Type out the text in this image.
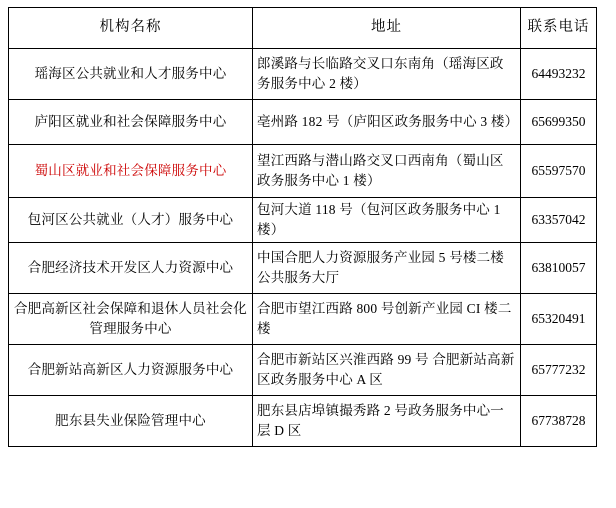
机构名称	地址	联系电话
瑶海区公共就业和人才服务中心	郎溪路与长临路交叉口东南角（瑶海区政务服务中心 2 楼）	64493232
庐阳区就业和社会保障服务中心	亳州路 182 号（庐阳区政务服务中心 3 楼）	65699350
蜀山区就业和社会保障服务中心	望江西路与潜山路交叉口西南角（蜀山区政务服务中心 1 楼）	65597570
包河区公共就业（人才）服务中心	包河大道 118 号（包河区政务服务中心 1 楼）	63357042
合肥经济技术开发区人力资源中心	中国合肥人力资源服务产业园 5 号楼二楼公共服务大厅	63810057
合肥高新区社会保障和退休人员社会化管理服务中心	合肥市望江西路 800 号创新产业园 CI 楼二楼	65320491
合肥新站高新区人力资源服务中心	合肥市新站区兴淮西路 99 号 合肥新站高新区政务服务中心 A 区	65777232
肥东县失业保险管理中心	肥东县店埠镇撮秀路 2 号政务服务中心一层 D 区	67738728
